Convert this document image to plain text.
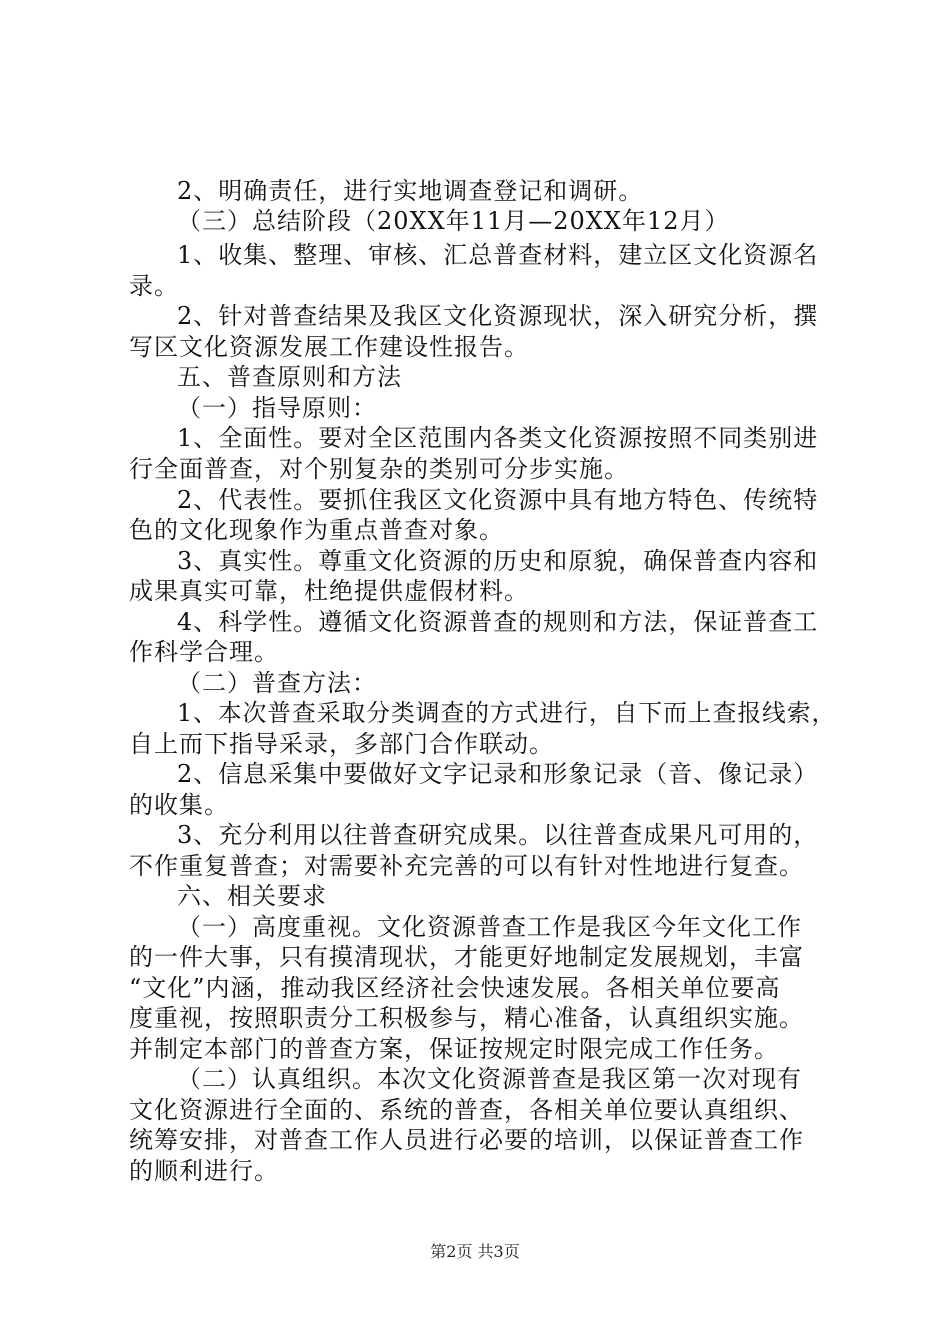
2、明确责任，进行实地调查登记和调研。
（三）总结阶段（20XX年11月—20XX年12月）
1、收集、整理、审核、汇总普查材料，建立区文化资源名
录。
2、针对普查结果及我区文化资源现状，深入研究分析，撰
写区文化资源发展工作建设性报告。
五、普查原则和方法
（一）指导原则：
1、全面性。要对全区范围内各类文化资源按照不同类别进
行全面普查，对个别复杂的类别可分步实施。
2、代表性。要抓住我区文化资源中具有地方特色、传统特
色的文化现象作为重点普查对象。
3、真实性。尊重文化资源的历史和原貌，确保普查内容和
成果真实可靠，杜绝提供虚假材料。
4、科学性。遵循文化资源普查的规则和方法，保证普查工
作科学合理。
（二）普查方法：
1、本次普查采取分类调查的方式进行，自下而上查报线索，
自上而下指导采录，多部门合作联动。
2、信息采集中要做好文字记录和形象记录（音、像记录）
的收集。
3、充分利用以往普查研究成果。以往普查成果凡可用的，
不作重复普查；对需要补充完善的可以有针对性地进行复查。
六、相关要求
（一）高度重视。文化资源普查工作是我区今年文化工作
的一件大事，只有摸清现状，才能更好地制定发展规划，丰富
“文化”内涵，推动我区经济社会快速发展。各相关单位要高
度重视，按照职责分工积极参与，精心准备，认真组织实施。
并制定本部门的普查方案，保证按规定时限完成工作任务。
（二）认真组织。本次文化资源普查是我区第一次对现有
文化资源进行全面的、系统的普查，各相关单位要认真组织、
统筹安排，对普查工作人员进行必要的培训，以保证普查工作
的顺利进行。
第2页 共3页
